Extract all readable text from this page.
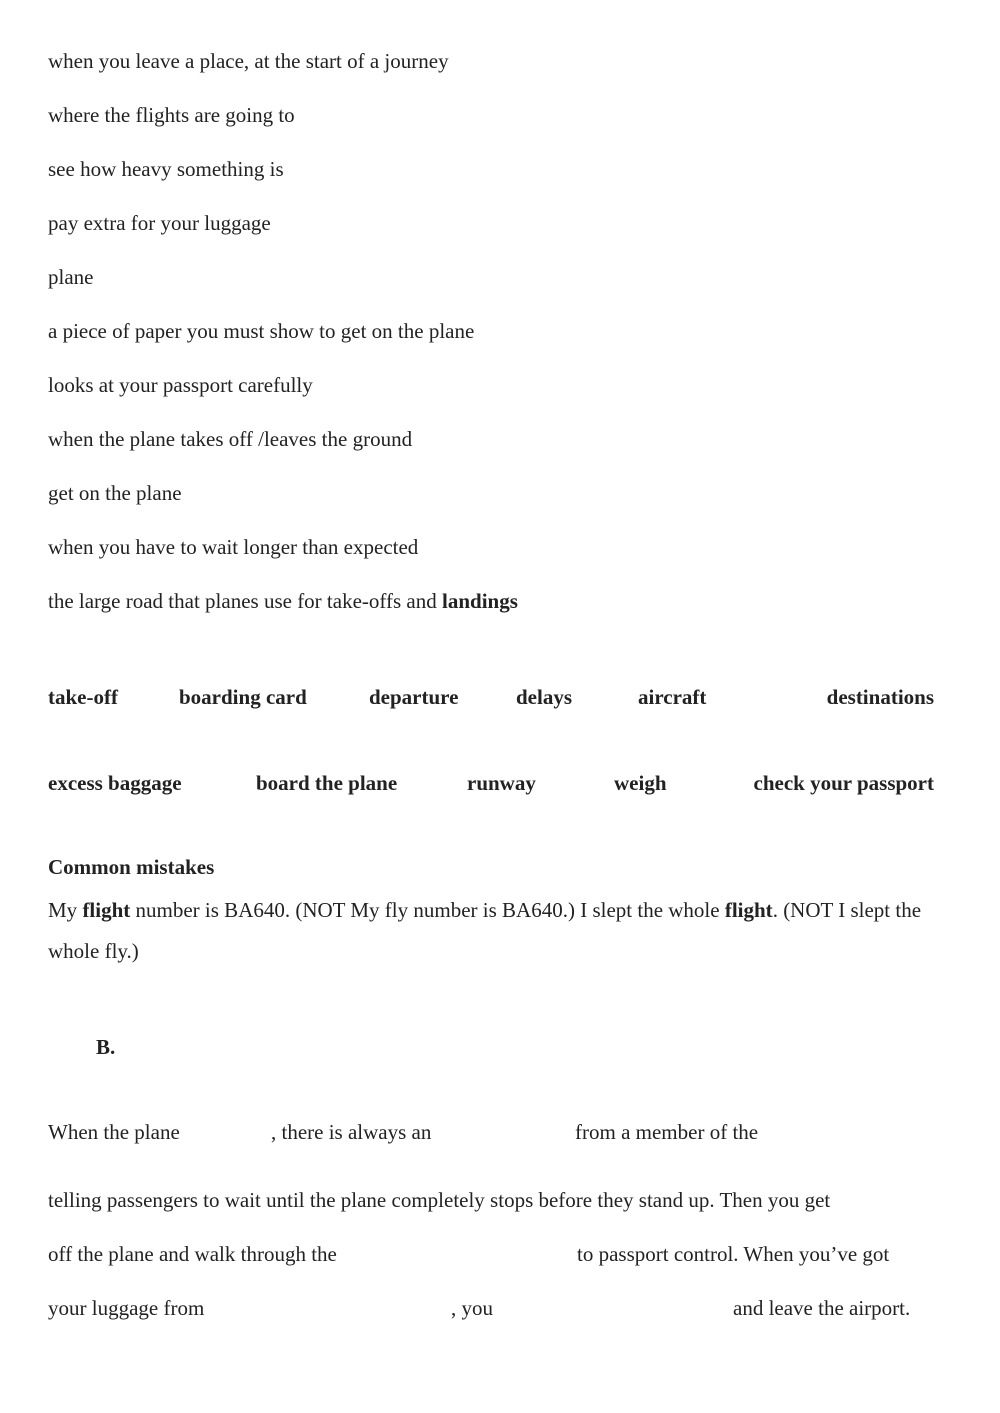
when you leave a place, at the start of a journey
where the flights are going to
see how heavy something is
pay extra for your luggage
plane
a piece of paper you must show to get on the plane
looks at your passport carefully
when the plane takes off /leaves the ground
get on the plane
when you have to wait longer than expected
the large road that planes use for take-offs and landings
take-off	boarding card	departure	delays	aircraft	destinations
excess baggage	board the plane	runway	weigh	check your passport
Common mistakes
My flight number is BA640. (NOT My fly number is BA640.) I slept the whole flight. (NOT I slept the whole fly.)
B.
When the plane	, there is always an	from a member of the
telling passengers to wait until the plane completely stops before they stand up. Then you get
off the plane and walk through the	to passport control. When you’ve got
your luggage from	, you	and leave the airport.
